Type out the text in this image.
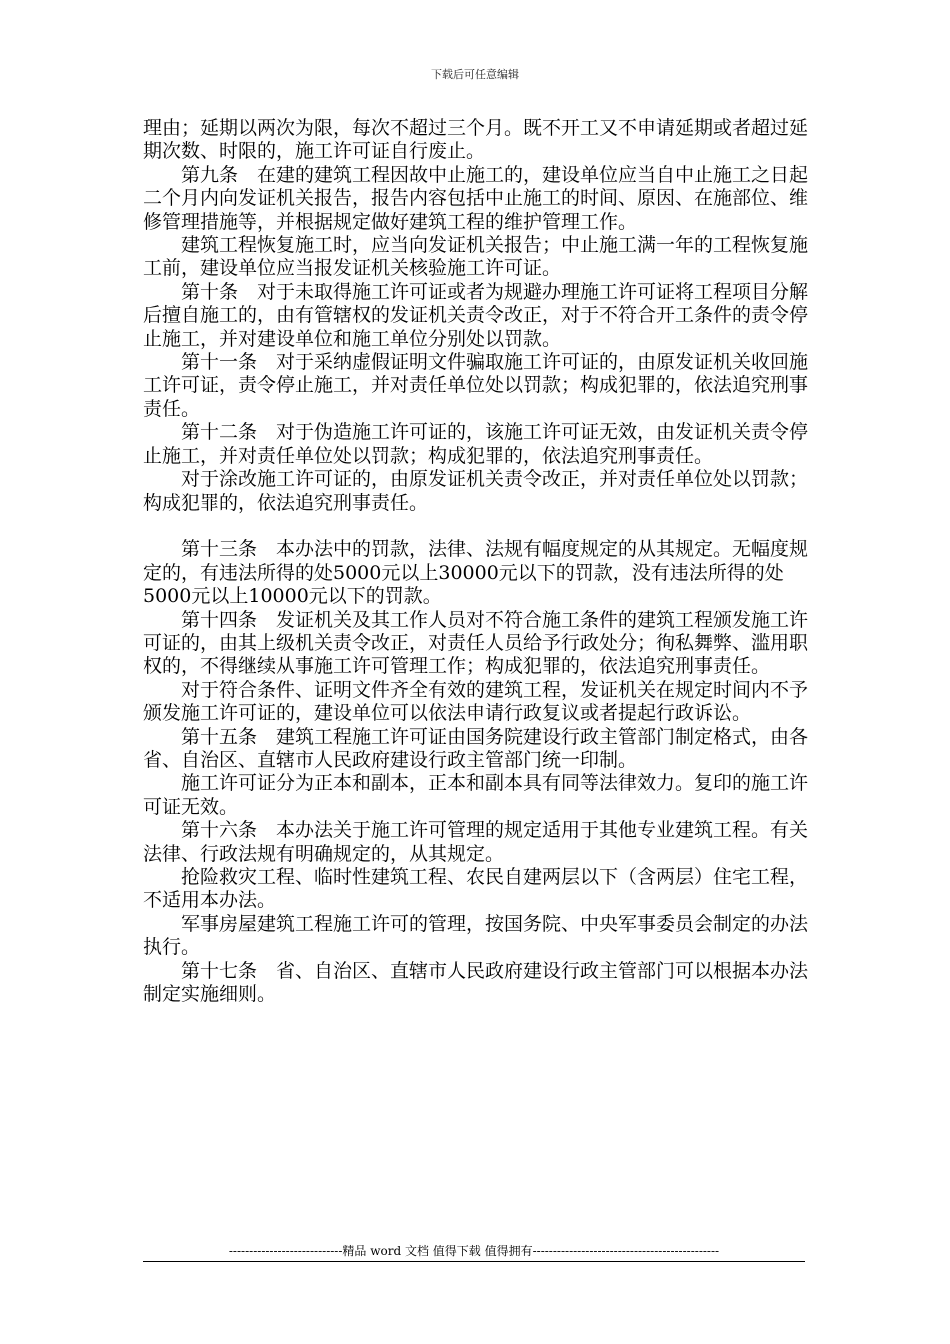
下载后可任意编辑

理由；延期以两次为限，每次不超过三个月。既不开工又不申请延期或者超过延期次数、时限的，施工许可证自行废止。

第九条　在建的建筑工程因故中止施工的，建设单位应当自中止施工之日起二个月内向发证机关报告，报告内容包括中止施工的时间、原因、在施部位、维修管理措施等，并根据规定做好建筑工程的维护管理工作。

建筑工程恢复施工时，应当向发证机关报告；中止施工满一年的工程恢复施工前，建设单位应当报发证机关核验施工许可证。

第十条　对于未取得施工许可证或者为规避办理施工许可证将工程项目分解后擅自施工的，由有管辖权的发证机关责令改正，对于不符合开工条件的责令停止施工，并对建设单位和施工单位分别处以罚款。

第十一条　对于采纳虚假证明文件骗取施工许可证的，由原发证机关收回施工许可证，责令停止施工，并对责任单位处以罚款；构成犯罪的，依法追究刑事责任。

第十二条　对于伪造施工许可证的，该施工许可证无效，由发证机关责令停止施工，并对责任单位处以罚款；构成犯罪的，依法追究刑事责任。

对于涂改施工许可证的，由原发证机关责令改正，并对责任单位处以罚款；构成犯罪的，依法追究刑事责任。

第十三条　本办法中的罚款，法律、法规有幅度规定的从其规定。无幅度规定的，有违法所得的处5000元以上30000元以下的罚款，没有违法所得的处5000元以上10000元以下的罚款。

第十四条　发证机关及其工作人员对不符合施工条件的建筑工程颁发施工许可证的，由其上级机关责令改正，对责任人员给予行政处分；徇私舞弊、滥用职权的，不得继续从事施工许可管理工作；构成犯罪的，依法追究刑事责任。

对于符合条件、证明文件齐全有效的建筑工程，发证机关在规定时间内不予颁发施工许可证的，建设单位可以依法申请行政复议或者提起行政诉讼。

第十五条　建筑工程施工许可证由国务院建设行政主管部门制定格式，由各省、自治区、直辖市人民政府建设行政主管部门统一印制。

施工许可证分为正本和副本，正本和副本具有同等法律效力。复印的施工许可证无效。

第十六条　本办法关于施工许可管理的规定适用于其他专业建筑工程。有关法律、行政法规有明确规定的，从其规定。

抢险救灾工程、临时性建筑工程、农民自建两层以下（含两层）住宅工程，不适用本办法。

军事房屋建筑工程施工许可的管理，按国务院、中央军事委员会制定的办法执行。

第十七条　省、自治区、直辖市人民政府建设行政主管部门可以根据本办法制定实施细则。

----------------------------精品 word 文档 值得下载 值得拥有----------------------------------------------
